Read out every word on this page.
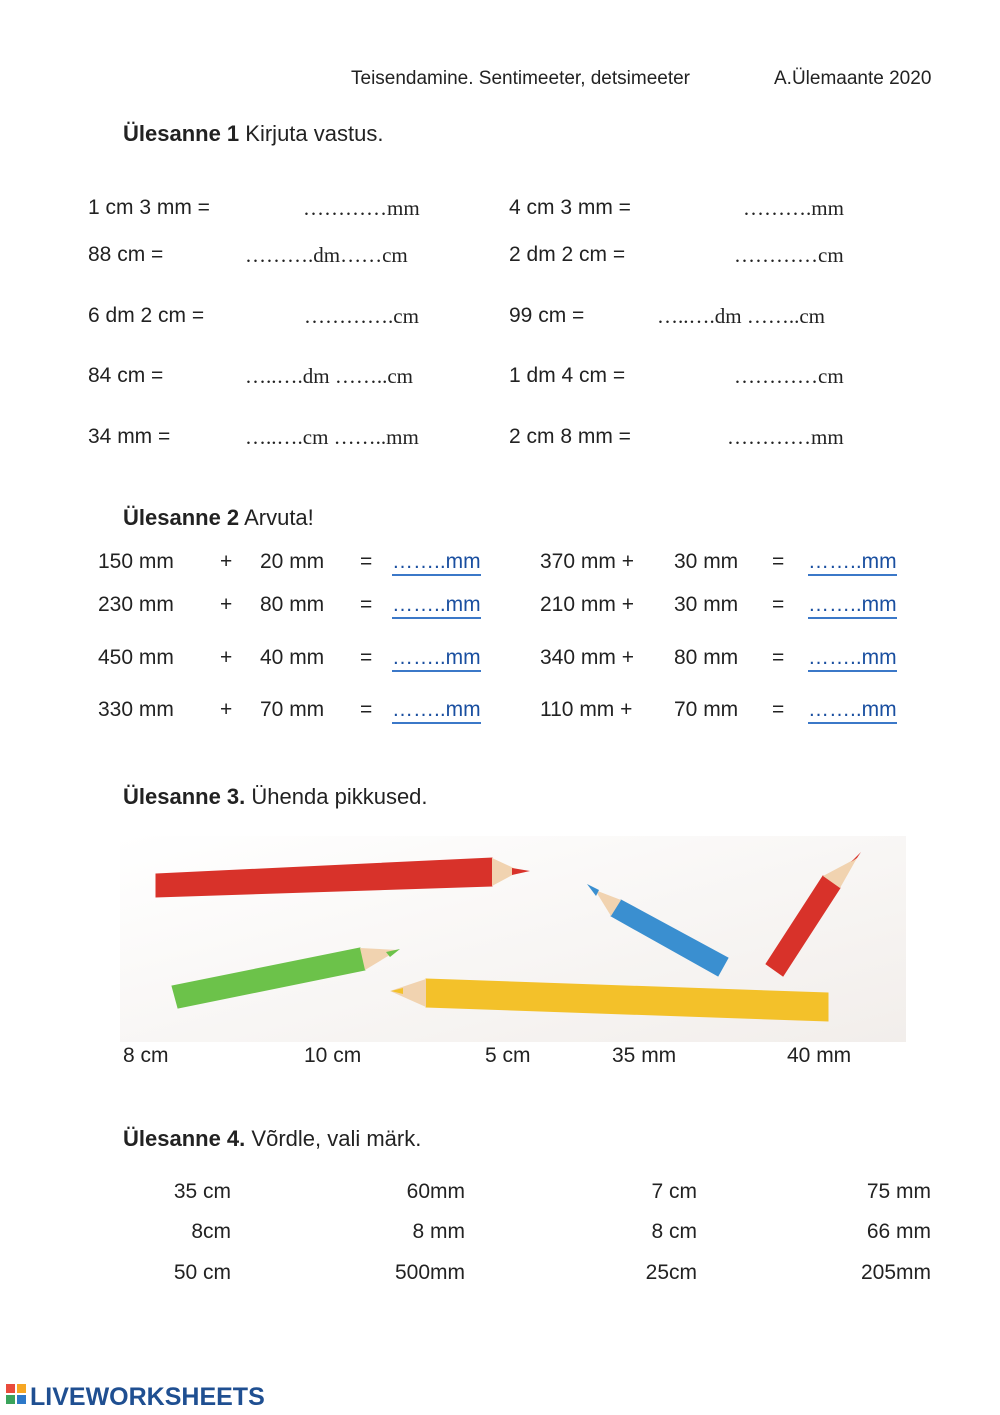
Teisendamine. Sentimeeter, detsimeeter	A.Ülemaante 2020
Ülesanne 1 Kirjuta vastus.
1 cm 3 mm =	…………mm	4 cm 3 mm =	……….mm
88 cm =	……….dm……cm	2 dm 2 cm =	…………cm
6 dm 2 cm =	………….cm	99 cm =	…..….dm ……..cm
84 cm =	…..….dm ……..cm	1 dm 4 cm =	…………cm
34 mm =	…..….cm ……..mm	2 cm 8 mm =	…………mm
Ülesanne 2 Arvuta!
150 mm + 20 mm = ……..mm	370 mm + 30 mm = ……..mm
230 mm + 80 mm = ……..mm	210 mm + 30 mm = ……..mm
450 mm + 40 mm = ……..mm	340 mm + 80 mm = ……..mm
330 mm + 70 mm = ……..mm	110 mm + 70 mm = ……..mm
Ülesanne 3. Ühenda pikkused.
8 cm	10 cm	5 cm	35 mm	40 mm
Ülesanne 4. Võrdle, vali märk.
35 cm	60mm	7 cm	75 mm
8cm	8 mm	8 cm	66 mm
50 cm	500mm	25cm	205mm
LIVEWORKSHEETS
